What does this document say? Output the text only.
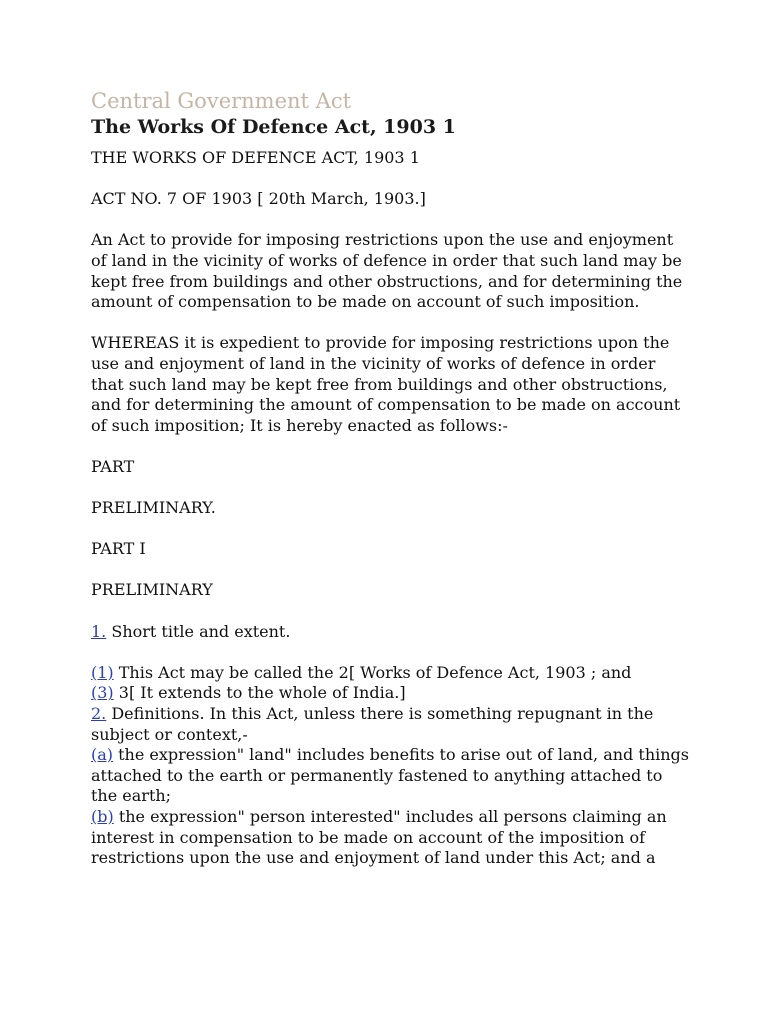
Central Government Act
The Works Of Defence Act, 1903 1

THE WORKS OF DEFENCE ACT, 1903 1

ACT NO. 7 OF 1903 [ 20th March, 1903.]

An Act to provide for imposing restrictions upon the use and enjoyment of land in the vicinity of works of defence in order that such land may be kept free from buildings and other obstructions, and for determining the amount of compensation to be made on account of such imposition.

WHEREAS it is expedient to provide for imposing restrictions upon the use and enjoyment of land in the vicinity of works of defence in order that such land may be kept free from buildings and other obstructions, and for determining the amount of compensation to be made on account of such imposition; It is hereby enacted as follows:-

PART

PRELIMINARY.

PART I

PRELIMINARY

1. Short title and extent.

(1) This Act may be called the 2[ Works of Defence Act, 1903 ; and

(3) 3[ It extends to the whole of India.]

2. Definitions. In this Act, unless there is something repugnant in the subject or context,-

(a) the expression" land" includes benefits to arise out of land, and things attached to the earth or permanently fastened to anything attached to the earth;

(b) the expression" person interested" includes all persons claiming an interest in compensation to be made on account of the imposition of restrictions upon the use and enjoyment of land under this Act; and a
